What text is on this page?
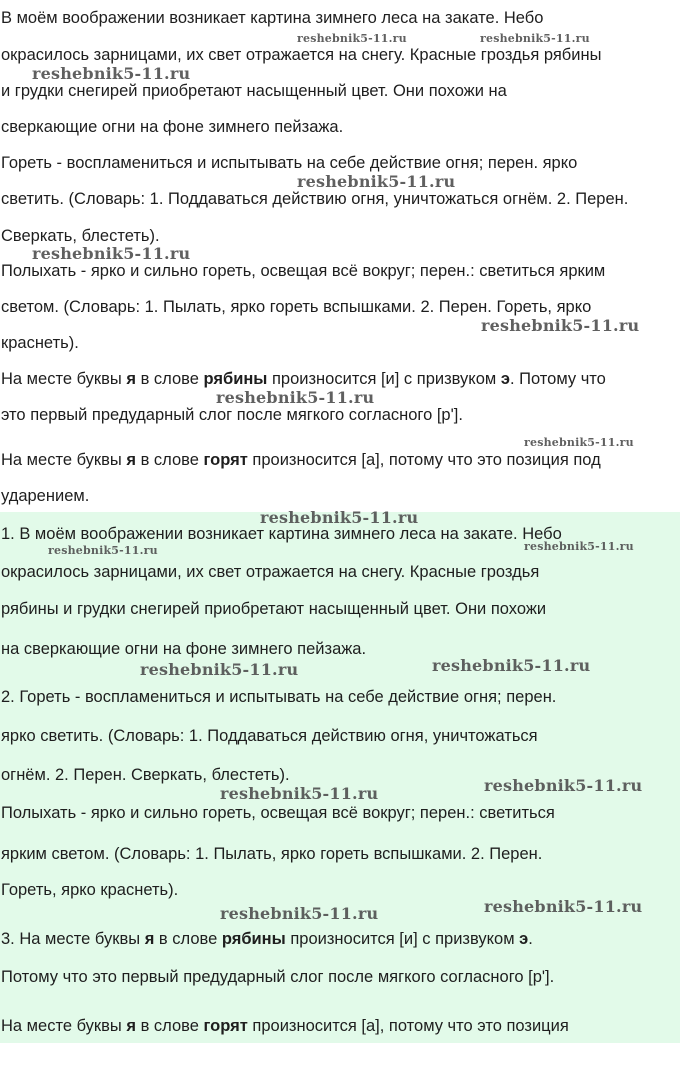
В моём воображении возникает картина зимнего леса на закате. Небо
окрасилось зарницами, их свет отражается на снегу. Красные гроздья рябины
и грудки снегирей приобретают насыщенный цвет. Они похожи на
сверкающие огни на фоне зимнего пейзажа.
Гореть - воспламениться и испытывать на себе действие огня; перен. ярко
светить. (Словарь: 1. Поддаваться действию огня, уничтожаться огнём. 2. Перен.
Сверкать, блестеть).
Полыхать - ярко и сильно гореть, освещая всё вокруг; перен.: светиться ярким
светом. (Словарь: 1. Пылать, ярко гореть вспышками. 2. Перен. Гореть, ярко
краснеть).
На месте буквы я в слове рябины произносится [и] с призвуком э. Потому что
это первый предударный слог после мягкого согласного [р'].
На месте буквы я в слове горят произносится [а], потому что это позиция под
ударением.
reshebnik5-11.ru	reshebnik5-11.ru
reshebnik5-11.ru
reshebnik5-11.ru
reshebnik5-11.ru
reshebnik5-11.ru
reshebnik5-11.ru
reshebnik5-11.ru
1. В моём воображении возникает картина зимнего леса на закате. Небо
окрасилось зарницами, их свет отражается на снегу. Красные гроздья
рябины и грудки снегирей приобретают насыщенный цвет. Они похожи
на сверкающие огни на фоне зимнего пейзажа.
2. Гореть - воспламениться и испытывать на себе действие огня; перен.
ярко светить. (Словарь: 1. Поддаваться действию огня, уничтожаться
огнём. 2. Перен. Сверкать, блестеть).
Полыхать - ярко и сильно гореть, освещая всё вокруг; перен.: светиться
ярким светом. (Словарь: 1. Пылать, ярко гореть вспышками. 2. Перен.
Гореть, ярко краснеть).
3. На месте буквы я в слове рябины произносится [и] с призвуком э.
Потому что это первый предударный слог после мягкого согласного [р'].
На месте буквы я в слове горят произносится [а], потому что это позиция
reshebnik5-11.ru
reshebnik5-11.ru	reshebnik5-11.ru
reshebnik5-11.ru	reshebnik5-11.ru
reshebnik5-11.ru
reshebnik5-11.ru
reshebnik5-11.ru	reshebnik5-11.ru
